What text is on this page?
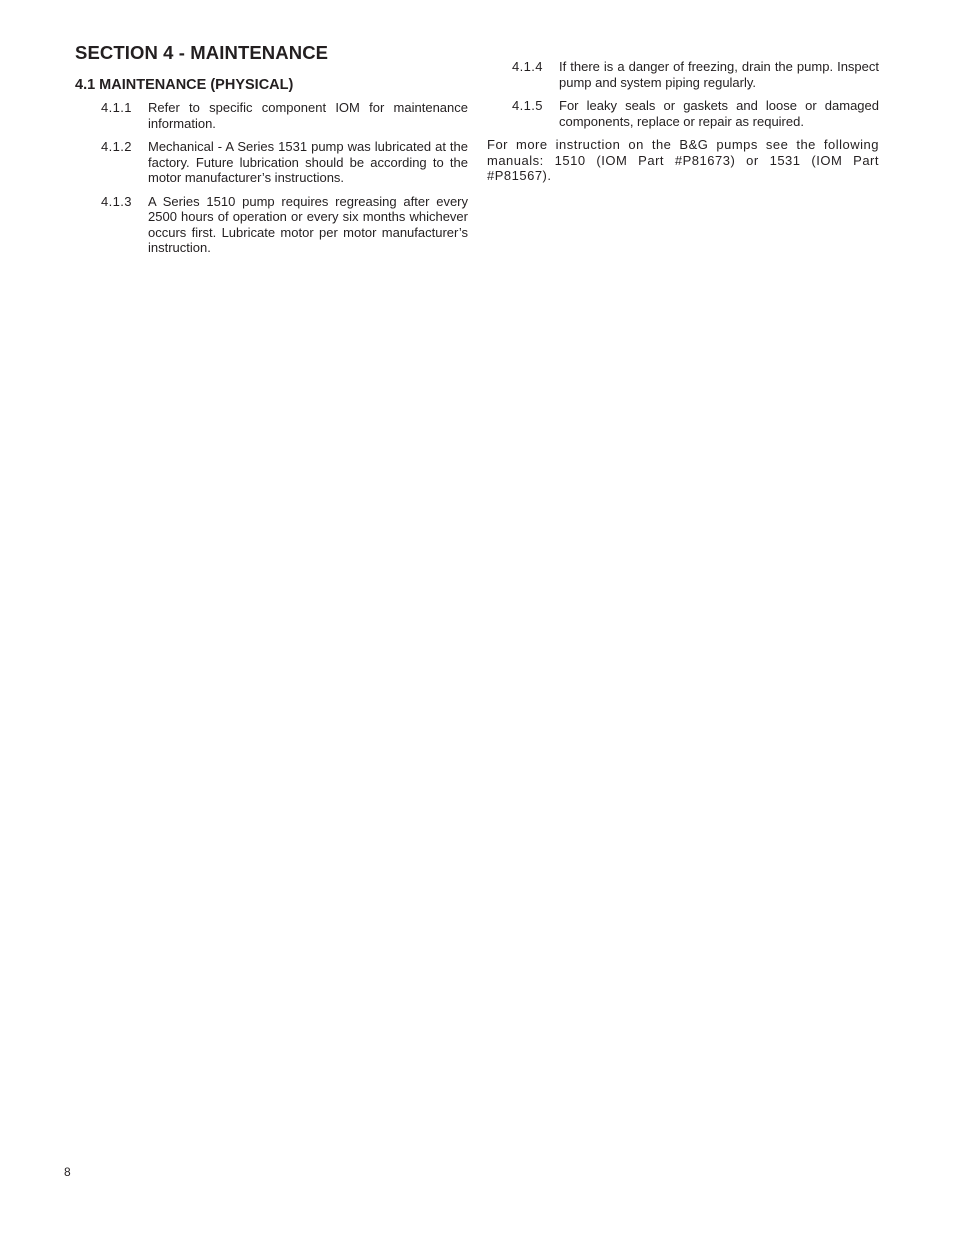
SECTION 4 - MAINTENANCE
4.1 MAINTENANCE (PHYSICAL)
4.1.1	Refer to specific component IOM for maintenance information.
4.1.2	Mechanical - A Series 1531 pump was lubricated at the factory. Future lubrication should be according to the motor manufacturer’s instructions.
4.1.3	A Series 1510 pump requires regreasing after every 2500 hours of operation or every six months whichever occurs first. Lubricate motor per motor manufacturer’s instruction.
4.1.4	If there is a danger of freezing, drain the pump. Inspect pump and system piping regularly.
4.1.5	For leaky seals or gaskets and loose or damaged components, replace or repair as required.

For more instruction on the B&G pumps see the following manuals: 1510 (IOM Part #P81673) or 1531 (IOM Part #P81567).

8
